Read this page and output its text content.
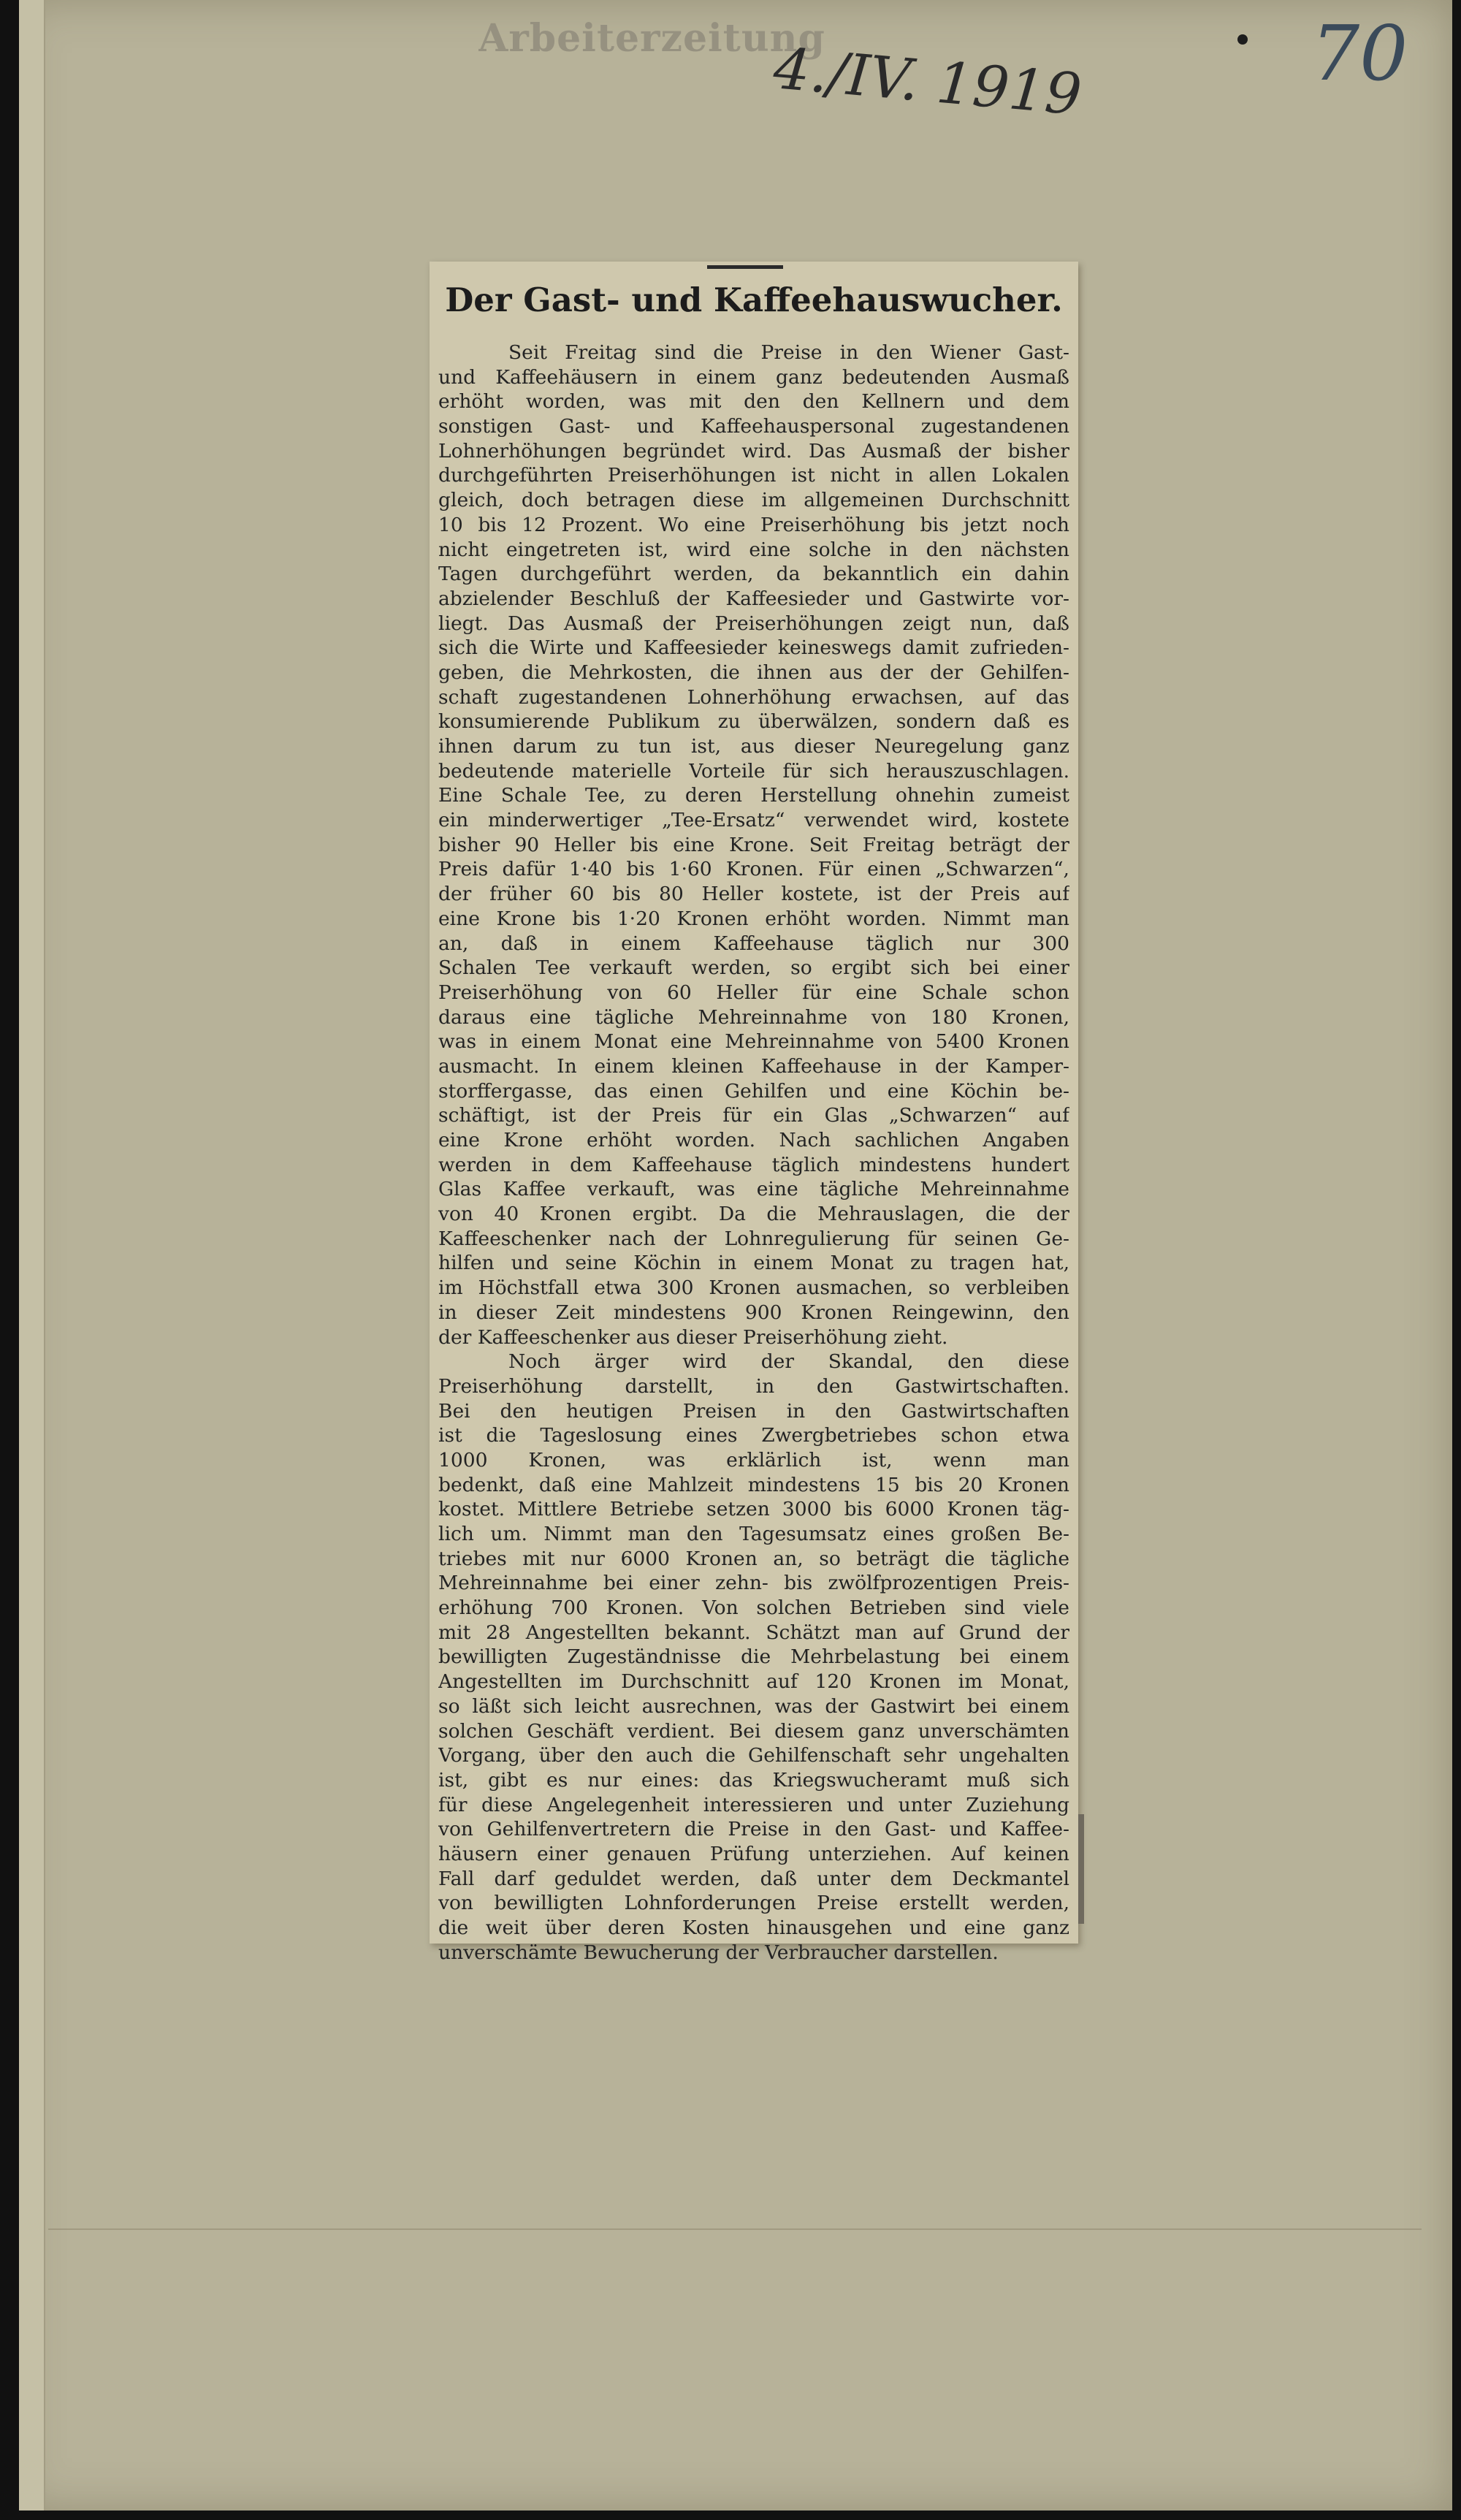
Arbeiterzeitung
4./IV. 1919	70
Der Gast- und Kaffeehauswucher.
Seit Freitag sind die Preise in den Wiener Gast-
und Kaffeehäusern in einem ganz bedeutenden Ausmaß
erhöht worden, was mit den den Kellnern und dem
sonstigen Gast- und Kaffeehauspersonal zugestandenen
Lohnerhöhungen begründet wird. Das Ausmaß der bisher
durchgeführten Preiserhöhungen ist nicht in allen Lokalen
gleich, doch betragen diese im allgemeinen Durchschnitt
10 bis 12 Prozent. Wo eine Preiserhöhung bis jetzt noch
nicht eingetreten ist, wird eine solche in den nächsten
Tagen durchgeführt werden, da bekanntlich ein dahin
abzielender Beschluß der Kaffeesieder und Gastwirte vor-
liegt. Das Ausmaß der Preiserhöhungen zeigt nun, daß
sich die Wirte und Kaffeesieder keineswegs damit zufrieden-
geben, die Mehrkosten, die ihnen aus der der Gehilfen-
schaft zugestandenen Lohnerhöhung erwachsen, auf das
konsumierende Publikum zu überwälzen, sondern daß es
ihnen darum zu tun ist, aus dieser Neuregelung ganz
bedeutende materielle Vorteile für sich herauszuschlagen.
Eine Schale Tee, zu deren Herstellung ohnehin zumeist
ein minderwertiger „Tee-Ersatz“ verwendet wird, kostete
bisher 90 Heller bis eine Krone. Seit Freitag beträgt der
Preis dafür 1·40 bis 1·60 Kronen. Für einen „Schwarzen“,
der früher 60 bis 80 Heller kostete, ist der Preis auf
eine Krone bis 1·20 Kronen erhöht worden. Nimmt man
an, daß in einem Kaffeehause täglich nur 300
Schalen Tee verkauft werden, so ergibt sich bei einer
Preiserhöhung von 60 Heller für eine Schale schon
daraus eine tägliche Mehreinnahme von 180 Kronen,
was in einem Monat eine Mehreinnahme von 5400 Kronen
ausmacht. In einem kleinen Kaffeehause in der Kamper-
storffergasse, das einen Gehilfen und eine Köchin be-
schäftigt, ist der Preis für ein Glas „Schwarzen“ auf
eine Krone erhöht worden. Nach sachlichen Angaben
werden in dem Kaffeehause täglich mindestens hundert
Glas Kaffee verkauft, was eine tägliche Mehreinnahme
von 40 Kronen ergibt. Da die Mehrauslagen, die der
Kaffeeschenker nach der Lohnregulierung für seinen Ge-
hilfen und seine Köchin in einem Monat zu tragen hat,
im Höchstfall etwa 300 Kronen ausmachen, so verbleiben
in dieser Zeit mindestens 900 Kronen Reingewinn, den
der Kaffeeschenker aus dieser Preiserhöhung zieht.
Noch ärger wird der Skandal, den diese
Preiserhöhung darstellt, in den Gastwirtschaften.
Bei den heutigen Preisen in den Gastwirtschaften
ist die Tageslosung eines Zwergbetriebes schon etwa
1000 Kronen, was erklärlich ist, wenn man
bedenkt, daß eine Mahlzeit mindestens 15 bis 20 Kronen
kostet. Mittlere Betriebe setzen 3000 bis 6000 Kronen täg-
lich um. Nimmt man den Tagesumsatz eines großen Be-
triebes mit nur 6000 Kronen an, so beträgt die tägliche
Mehreinnahme bei einer zehn- bis zwölfprozentigen Preis-
erhöhung 700 Kronen. Von solchen Betrieben sind viele
mit 28 Angestellten bekannt. Schätzt man auf Grund der
bewilligten Zugeständnisse die Mehrbelastung bei einem
Angestellten im Durchschnitt auf 120 Kronen im Monat,
so läßt sich leicht ausrechnen, was der Gastwirt bei einem
solchen Geschäft verdient. Bei diesem ganz unverschämten
Vorgang, über den auch die Gehilfenschaft sehr ungehalten
ist, gibt es nur eines: das Kriegswucheramt muß sich
für diese Angelegenheit interessieren und unter Zuziehung
von Gehilfenvertretern die Preise in den Gast- und Kaffee-
häusern einer genauen Prüfung unterziehen. Auf keinen
Fall darf geduldet werden, daß unter dem Deckmantel
von bewilligten Lohnforderungen Preise erstellt werden,
die weit über deren Kosten hinausgehen und eine ganz
unverschämte Bewucherung der Verbraucher darstellen.
